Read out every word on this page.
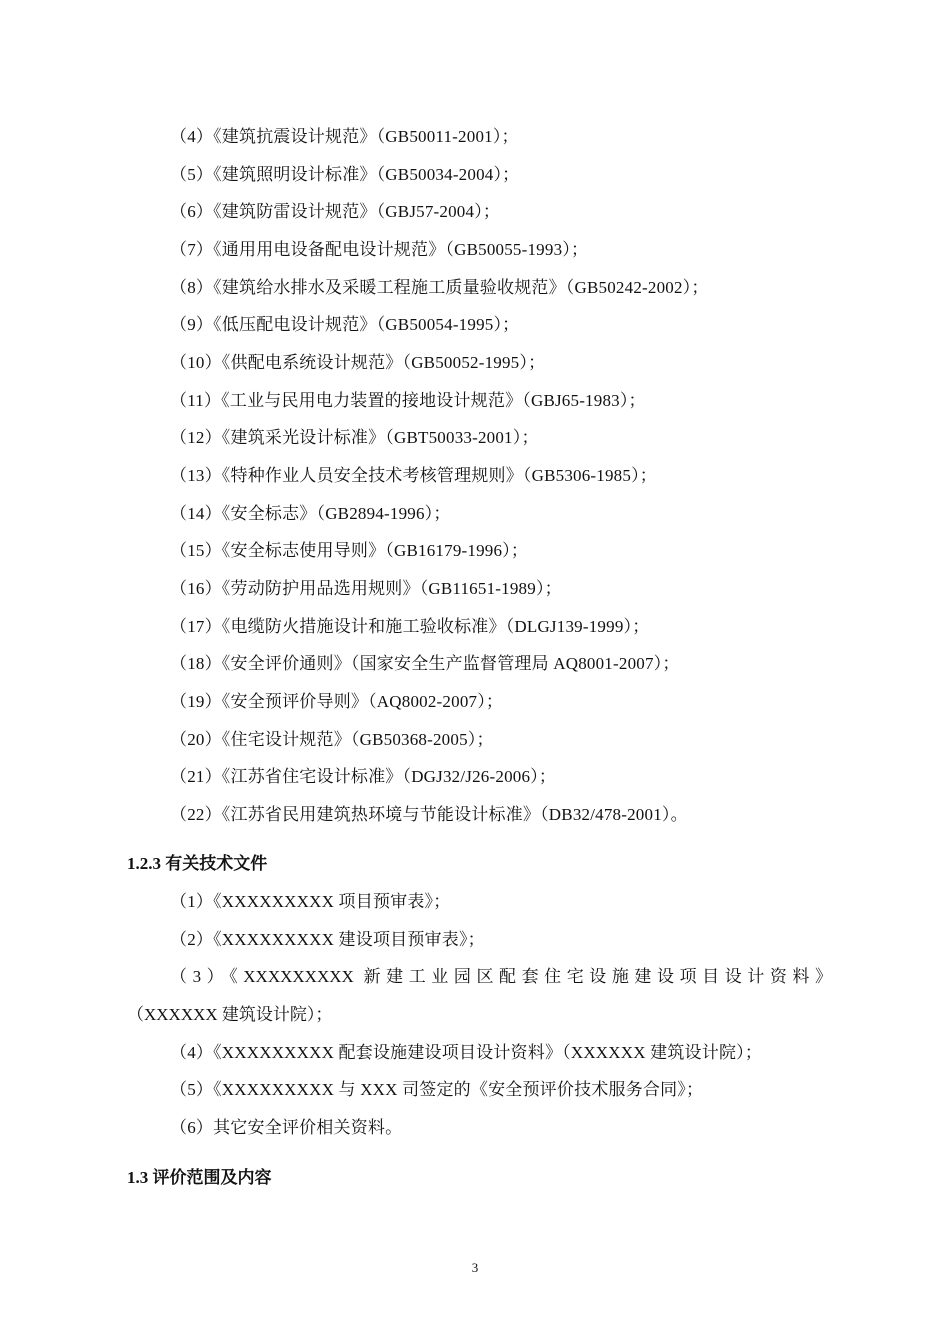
（4）《建筑抗震设计规范》（GB50011-2001）；
（5）《建筑照明设计标准》（GB50034-2004）；
（6）《建筑防雷设计规范》（GBJ57-2004）；
（7）《通用用电设备配电设计规范》（GB50055-1993）；
（8）《建筑给水排水及采暖工程施工质量验收规范》（GB50242-2002）；
（9）《低压配电设计规范》（GB50054-1995）；
（10）《供配电系统设计规范》（GB50052-1995）；
（11）《工业与民用电力装置的接地设计规范》（GBJ65-1983）；
（12）《建筑采光设计标准》（GBT50033-2001）；
（13）《特种作业人员安全技术考核管理规则》（GB5306-1985）；
（14）《安全标志》（GB2894-1996）；
（15）《安全标志使用导则》（GB16179-1996）；
（16）《劳动防护用品选用规则》（GB11651-1989）；
（17）《电缆防火措施设计和施工验收标准》（DLGJ139-1999）；
（18）《安全评价通则》（国家安全生产监督管理局 AQ8001-2007）；
（19）《安全预评价导则》（AQ8002-2007）；
（20）《住宅设计规范》（GB50368-2005）；
（21）《江苏省住宅设计标准》（DGJ32/J26-2006）；
（22）《江苏省民用建筑热环境与节能设计标准》（DB32/478-2001）。
1.2.3 有关技术文件
（1）《XXXXXXXXX 项目预审表》；
（2）《XXXXXXXXX 建设项目预审表》；
（3）《XXXXXXXXX 新建工业园区配套住宅设施建设项目设计资料》
（XXXXXX 建筑设计院）；
（4）《XXXXXXXXX 配套设施建设项目设计资料》（XXXXXX 建筑设计院）；
（5）《XXXXXXXXX 与 XXX 司签定的《安全预评价技术服务合同》；
（6）其它安全评价相关资料。
1.3 评价范围及内容
3
